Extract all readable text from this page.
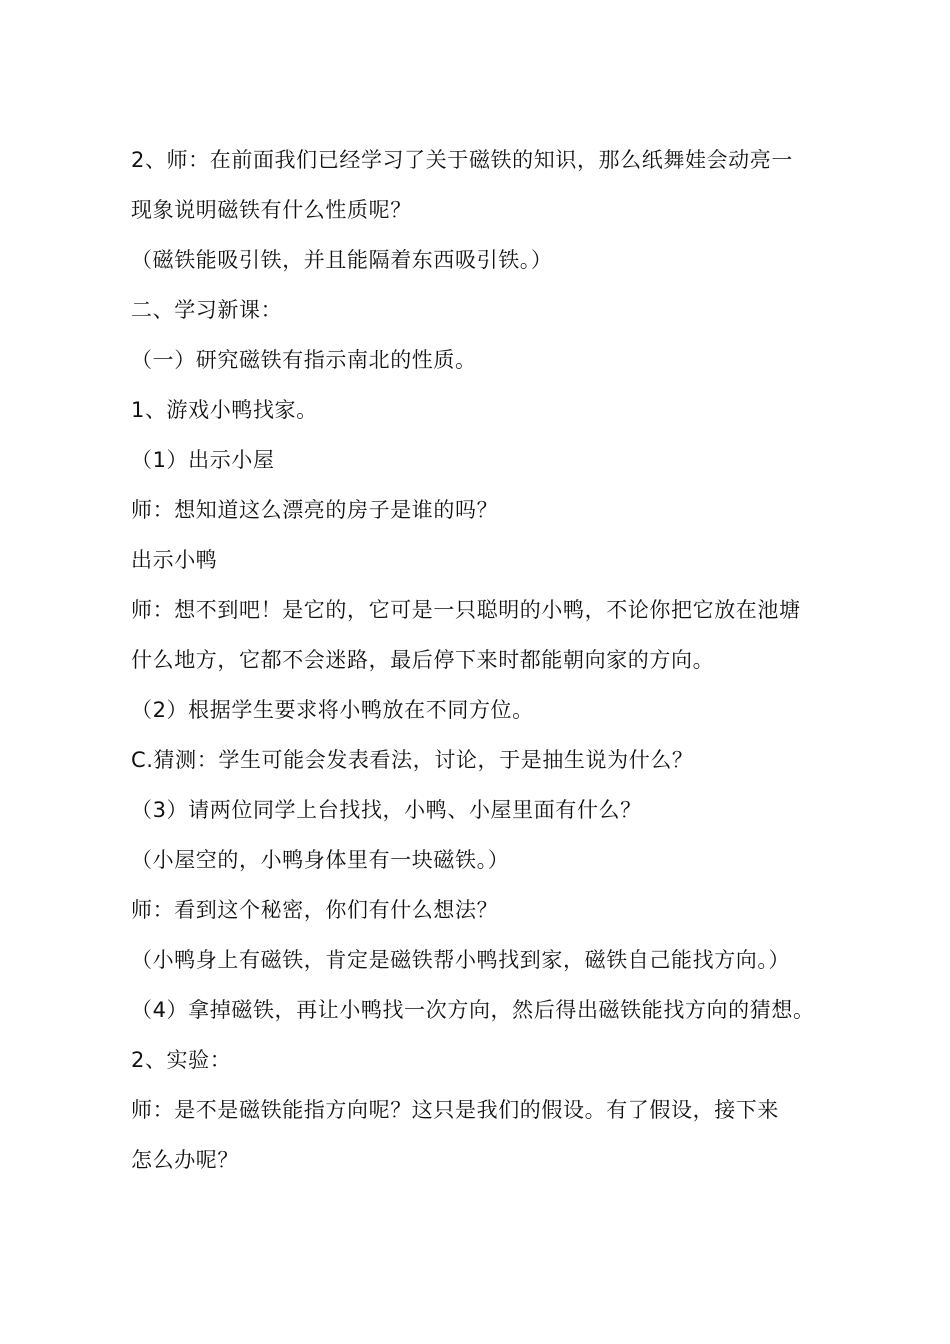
2、师：在前面我们已经学习了关于磁铁的知识，那么纸舞娃会动亮一
现象说明磁铁有什么性质呢？
（磁铁能吸引铁，并且能隔着东西吸引铁。）
二、学习新课：
（一）研究磁铁有指示南北的性质。
1、游戏小鸭找家。
（1）出示小屋
师：想知道这么漂亮的房子是谁的吗？
出示小鸭
师：想不到吧！是它的，它可是一只聪明的小鸭，不论你把它放在池塘
什么地方，它都不会迷路，最后停下来时都能朝向家的方向。
（2）根据学生要求将小鸭放在不同方位。
C.猜测：学生可能会发表看法，讨论，于是抽生说为什么？
（3）请两位同学上台找找，小鸭、小屋里面有什么？
（小屋空的，小鸭身体里有一块磁铁。）
师：看到这个秘密，你们有什么想法？
（小鸭身上有磁铁，肯定是磁铁帮小鸭找到家，磁铁自己能找方向。）
（4）拿掉磁铁，再让小鸭找一次方向，然后得出磁铁能找方向的猜想。
2、实验：
师：是不是磁铁能指方向呢？这只是我们的假设。有了假设，接下来
怎么办呢？
